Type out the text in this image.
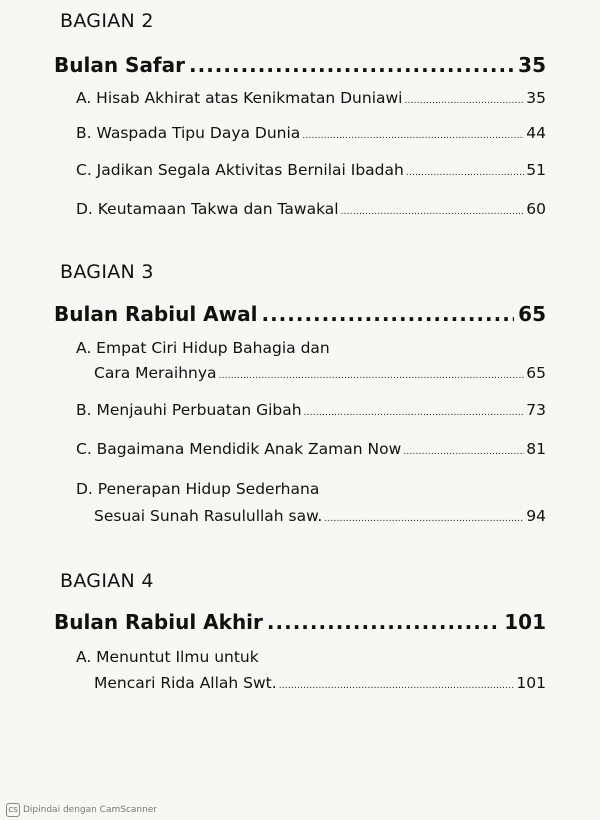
BAGIAN 2
Bulan Safar .....	35
A. Hisab Akhirat atas Kenikmatan Duniawi .....	35
B. Waspada Tipu Daya Dunia .....	44
C. Jadikan Segala Aktivitas Bernilai Ibadah .....	51
D. Keutamaan Takwa dan Tawakal .....	60
BAGIAN 3
Bulan Rabiul Awal .....	65
A. Empat Ciri Hidup Bahagia dan
Cara Meraihnya .....	65
B. Menjauhi Perbuatan Gibah .....	73
C. Bagaimana Mendidik Anak Zaman Now .....	81
D. Penerapan Hidup Sederhana
Sesuai Sunah Rasulullah saw. .....	94
BAGIAN 4
Bulan Rabiul Akhir .....	101
A. Menuntut Ilmu untuk
Mencari Rida Allah Swt. .....	101
CS Dipindai dengan CamScanner
